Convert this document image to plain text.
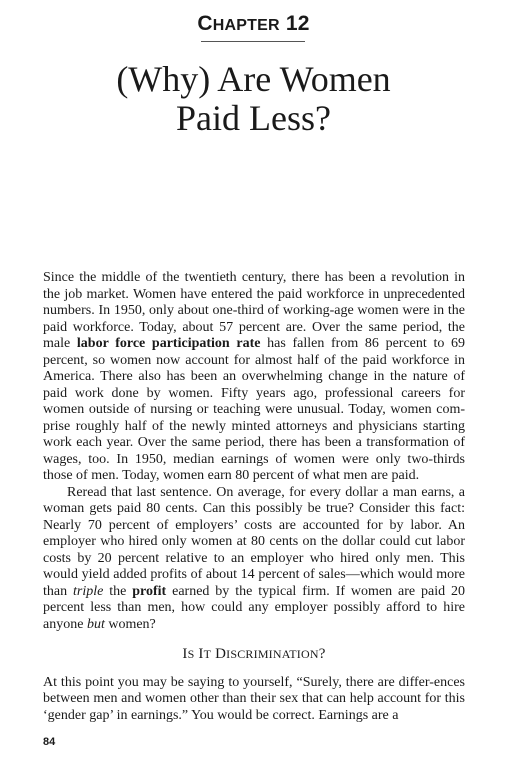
CHAPTER 12
(Why) Are Women
Paid Less?

Since the middle of the twentieth century, there has been a revolution in the job market. Women have entered the paid workforce in unprecedented numbers. In 1950, only about one-third of working-age women were in the paid workforce. Today, about 57 percent are. Over the same period, the male labor force participation rate has fallen from 86 percent to 69 percent, so women now account for almost half of the paid workforce in America. There also has been an overwhelming change in the nature of paid work done by women. Fifty years ago, professional careers for women outside of nursing or teaching were unusual. Today, women com-prise roughly half of the newly minted attorneys and physicians starting work each year. Over the same period, there has been a transformation of wages, too. In 1950, median earnings of women were only two-thirds those of men. Today, women earn 80 percent of what men are paid.

Reread that last sentence. On average, for every dollar a man earns, a woman gets paid 80 cents. Can this possibly be true? Consider this fact: Nearly 70 percent of employers’ costs are accounted for by labor. An employer who hired only women at 80 cents on the dollar could cut labor costs by 20 percent relative to an employer who hired only men. This would yield added profits of about 14 percent of sales—which would more than triple the profit earned by the typical firm. If women are paid 20 percent less than men, how could any employer possibly afford to hire anyone but women?

IS IT DISCRIMINATION?

At this point you may be saying to yourself, “Surely, there are differ-ences between men and women other than their sex that can help account for this ‘gender gap’ in earnings.” You would be correct. Earnings are a

84
